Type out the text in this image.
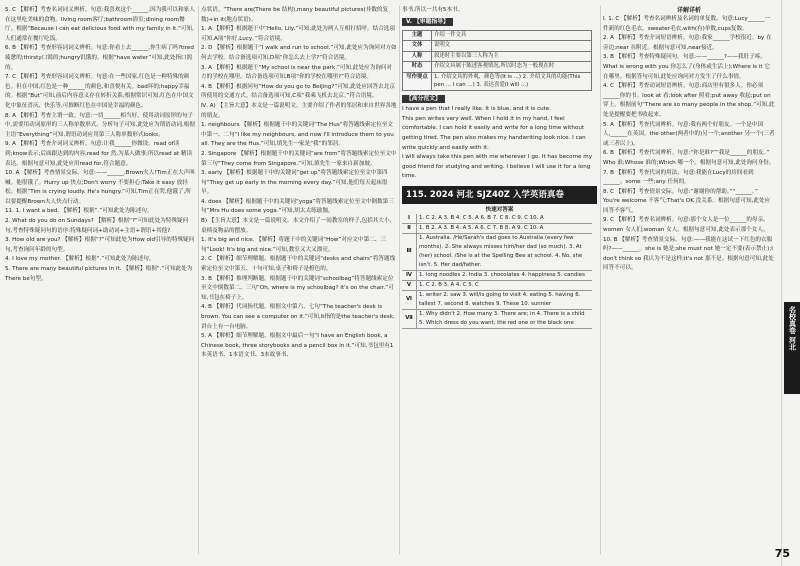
5. C 【解析】考查名词词义辨析。句意:我喜欢这个______,因为我可以和家人在这里吃美味的食物。living room客厅;bathroom浴室;dining room餐厅。根据“Because I can eat delicious food with my family in it.”可知,人们通常在餐厅吃饭。

6. B 【解析】考查形容词词义辨析。句意:你看上去______,你生病了吗?tired疲惫的;thirsty口渴的;hungry饥饿的。根据“have water”可知,此处指口渴的。

7. C 【解析】考查形容词词义辨析。句意:在一些国家,红色是一种特殊的颜色。但在中国,红色是一种______的颜色,和喜悦有关。bad坏的;happy幸福的。根据“But”可知,前后内容意义存在转折关系;根据常识可知,红色在中国文化中象征喜庆、快乐等,可推断红色在中国是幸福的颜色。

8. A 【解析】考查主谓一致。句意:一切______相当好。使用动词原形的句子中,需要用动词原形的三人称单数形式。分析句子可知,此处应为谓语动词,根据主语“Everything”可知,谓语动词应用第三人称单数形式looks。

9. A 【解析】考查介词词义辨析。句意:让我______你做设。read of读到;know表示;后面跟达到的内容,read for 然,为某人做事;所以read at 精读表达。根据句意可知,此处应用read for,符合题意。

10. A 【解析】考查情景交际。句意:——______,Brown夫人!Tim正在大声叫喊。他很饿了。Hurry up 快点;Don't worry 不要担心;Take it easy 放轻松。根据“Tim is crying loudly. He's hungry.”可知,Tim正在哭,他饿了,所以要提醒Brown夫人快点行动。

11. 1. I want a bed. 【解析】根据“.”可知此处为陈述句。

2. What do you do on Sundays? 【解析】根据“?”可知此处为特殊疑问句,考查特殊疑问句的语序:特殊疑问词+助动词+主语+谓语+其他?

3. How old are you? 【解析】根据“?”可知此处为How old引导的特殊疑问句,考查询问年龄的句型。

4. I love my mother. 【解析】根据“.”可知此处为陈述句。

5. There are many beautiful pictures in it. 【解析】根据“.”可知此处为There be句型。

点状语。“There are(There be 结构),many beautiful pictures(非数的复数)+in it(地点状语)。

1. A 【解析】根据题干中“Hello, Lily.”可知,此处为两人互相打招呼。结合选项可知,A项“你好,Lucy。”符合语境。

2. D 【解析】根据题干“I walk and run to school.”可知,此处应为询问对方如何去学校。结合备选项可知,D项“你怎么去上学?”符合语境。

3. A 【解析】根据题干“My school is near the park.”可知,此处应为询问对方的学校在哪里。结合备选项可知,B项“你的学校在哪里?”符合语境。

4. B 【解析】根据问句“How do you go to Beijing?”可知,此处应回答去北京所使用的交通方式。结合备选项可知,C项“我乘飞机去北京。”符合语境。

Ⅳ. A) 【主旨大意】本文是一篇说明文。主要介绍了作者的邻居和来自世界各地的朋友。

1. neighbours 【解析】根据题干中的关键词“The Hus”将答题线索定位至文中第一、二句“I like my neighbours, and now I'll introduce them to you all. They are the Hus.”可知,填先生一家是“我”的邻居。

2. Singapore 【解析】根据题干中的关键词“are from”将答题线索定位至文中第三句“They come from Singapore.”可知,填先生一家来自新加坡。

3. early 【解析】根据题干中的关键词“get up”将答题线索定位至文中第四句“They get up early in the morning every day.”可知,他们每天起床很早。

4. does 【解析】根据题干中的关键词“yoga”将答题线索定位至文中倒数第三句“Mrs Hu does some yoga.”可知,胡太太练瑜伽。

B) 【主旨大意】本文是一篇说明文。本文介绍了一间教室的样子,包括其大小、桌椅及物品的摆放。

1. It's big and nice. 【解析】将题干中的关键词“How”对应文中第二、三句“Look! It's big and nice.”可知,教室又大又漂亮。

2. C 【解析】细节理解题。根据题干中的关键词“desks and chairs”将答题线索定位至文中第五、十句可知,桌子和椅子是橙色的。

3. B 【解析】推理判断题。根据题干中的关键词“schoolbag”将答题线索定位至文中倒数第二、三句“Oh, where is my schoolbag? It's on the chair.”可知,书包在椅子上。

4. B 【解析】代词指代题。根据文中第六、七句“The teacher's desk is brown. You can see a computer on it.”可知,it指的是the teacher's desk,讲台上有一台电脑。

5. A 【解析】细节理解题。根据文中最后一句“I have an English book, a Chinese book, three storybooks and a pencil box in it.”可知,书包里有1本英语书、1本语文书、3本故事书,

事书,所以一共有5本书。

V. 【审题指导】
主题	介绍一件文具
文体	说明文
人称	叙述时主要以第三人称为主
时态	介绍文具属于陈述客观情况,所以时态为一般现在时
写作要点	1. 介绍文具的外观、颜色等(It is ...) 2. 介绍文具的功能(This pen ... I can ...) 3. 表达喜爱(I will ...)
【高分范文】

I have a pen that I really like. It is blue, and it is cute.

This pen writes very well. When I hold it in my hand, I feel comfortable. I can hold it easily and write for a long time without getting tired. The pen also makes my handwriting look nice. I can write quickly and easily with it.

I will always take this pen with me wherever I go. It has become my good friend for studying and writing. I believe I will use it for a long time.

115. 2024 河北 SJZ40Z 入学英语真卷
快速对答案
Ⅰ	1. C 2. A 3. B 4. C 5. A 6. B 7. C 8. C 9. C 10. A
Ⅱ	1. B 2. A 3. B 4. A 5. A 6. C 7. B 8. A 9. C 10. A
Ⅲ	1. Australia. /He/Sarah's dad goes to Australia (every few months). 2. She always misses him/her dad (so much). 3. At (her) school. /She is at the Spelling Bee at school. 4. No, she isn't. 5. Her dad/father.
Ⅳ	1. long noodles 2. India 3. chocolates 4. happiness 5. candies
Ⅴ	1. C 2. B 3. A 4. C 5. C
Ⅵ	1. writer 2. saw 3. will/is going to visit 4. eating 5. having 6. tallest 7. second 8. watches 9. These 10. sunnier
Ⅶ	1. Why didn't 2. How many 3. There are; in 4. There is a child 5. Which dress do you want, the red one or the black one
详解详析

Ⅰ. 1. C 【解析】考查名词辨析及名词的单复数。句意:Lucy______一件新的红色毛衣。sweater毛衣,with(有)单数,cups复数。

2. A 【解析】考查介词短语辨析。句意:我家______学校很近。by 在旁边;near 在附近。根据句意可知,near接近。

3. B 【解析】考查特殊疑问句。句意:——______?——我肚子疼。What is wrong with you 你怎么了(身体或生活上);Where is it 它在哪里。根据答句可知,此处应询问对方发生了什么事情。

4. C 【解析】考查动词短语辨析。句意:商店里有很多人。你必须______你的书。look at 看;look after 照看;put away 收起;put on 穿上。根据前句“There are so many people in the shop.”可知,此处是提醒要把书收起来。

5. A 【解析】考查代词辨析。句意:我有两个好朋友。一个是中国人,______在英国。the other(两者中的)另一个;another 另一个(三者或三者以上)。

6. B 【解析】考查代词辨析。句意:“你是谁?”“我是______的朋友。” Who 谁;Whose 谁的;Which 哪一个。根据句意可知,此处询问身份。

7. B 【解析】考查代词的用法。句意:我能在Lucy的房间看到______。some 一些;any 任何的。

8. C 【解析】考查情景交际。句意:“谢谢你的帮助。”“______。” You're welcome 不客气;That's OK 没关系。根据句意可知,此处应回答不客气。

9. C 【解析】考查名词辨析。句意:那个女人是一位______的母亲。women 女人们;woman 女人。根据句意可知,此处表示那个女人。

10. B 【解析】考查情景交际。句意:——我能在这试一下红色的衣服吗?——______。she is 她是;she must not 她一定不要(表示禁止);I don't think so 我认为不是这样;it's not 那不是。根据句意可知,此处回答不可以。

名校真卷 河北
75
